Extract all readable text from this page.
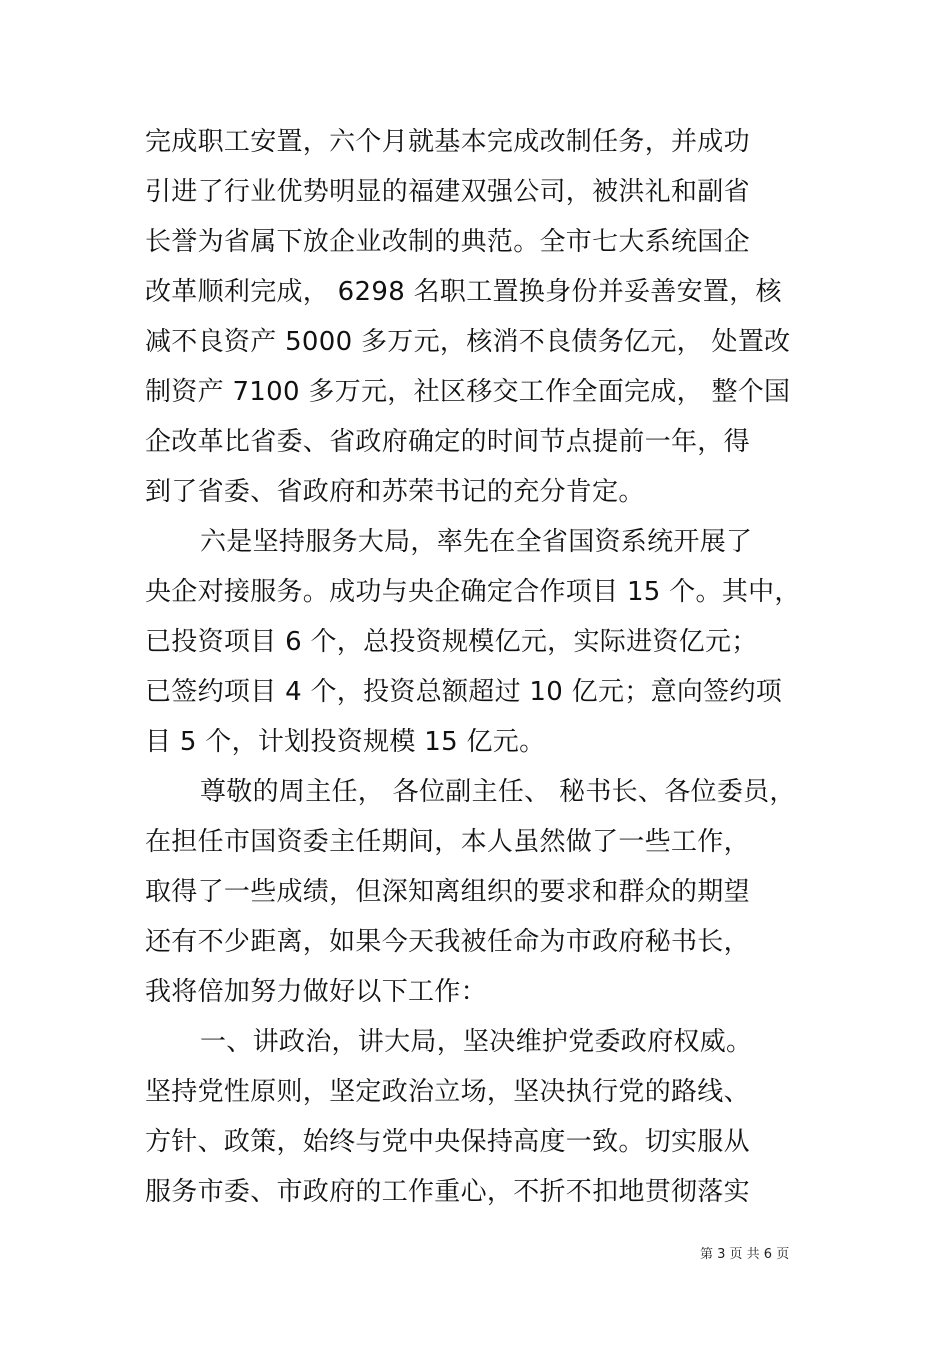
完成职工安置，六个月就基本完成改制任务，并成功
引进了行业优势明显的福建双强公司，被洪礼和副省
长誉为省属下放企业改制的典范。全市七大系统国企
改革顺利完成， 6298 名职工置换身份并妥善安置，核
减不良资产 5000 多万元，核消不良债务亿元， 处置改
制资产 7100 多万元，社区移交工作全面完成， 整个国
企改革比省委、省政府确定的时间节点提前一年，得
到了省委、省政府和苏荣书记的充分肯定。
六是坚持服务大局，率先在全省国资系统开展了
央企对接服务。成功与央企确定合作项目 15 个。其中，
已投资项目 6 个，总投资规模亿元，实际进资亿元；
已签约项目 4 个，投资总额超过 10 亿元；意向签约项
目 5 个，计划投资规模 15 亿元。
尊敬的周主任， 各位副主任、 秘书长、各位委员，
在担任市国资委主任期间，本人虽然做了一些工作，
取得了一些成绩，但深知离组织的要求和群众的期望
还有不少距离，如果今天我被任命为市政府秘书长，
我将倍加努力做好以下工作：
一、讲政治，讲大局，坚决维护党委政府权威。
坚持党性原则，坚定政治立场，坚决执行党的路线、
方针、政策，始终与党中央保持高度一致。切实服从
服务市委、市政府的工作重心，不折不扣地贯彻落实
第 3 页 共 6 页
